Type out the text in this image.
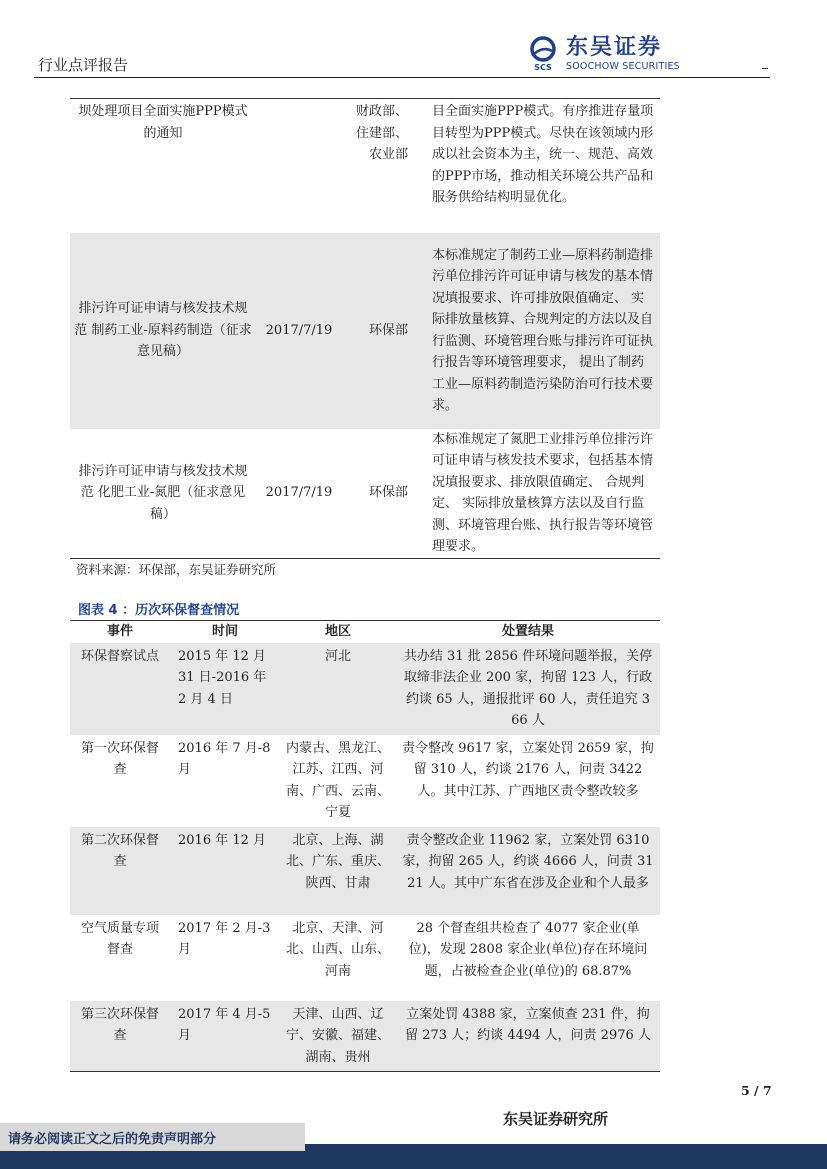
行业点评报告	SCS
东吴证券
SOOCHOW SECURITIES
坝处理项目全面实施PPP模式的通知		财政部、住建部、农业部	目全面实施PPP模式。有序推进存量项目转型为PPP模式。尽快在该领域内形成以社会资本为主，统一、规范、高效的PPP市场，推动相关环境公共产品和服务供给结构明显优化。
排污许可证申请与核发技术规范 制药工业-原料药制造（征求意见稿）	2017/7/19	环保部	本标准规定了制药工业—原料药制造排污单位排污许可证申请与核发的基本情况填报要求、许可排放限值确定、 实际排放量核算、合规判定的方法以及自行监测、环境管理台账与排污许可证执行报告等环境管理要求， 提出了制药工业—原料药制造污染防治可行技术要求。
排污许可证申请与核发技术规范 化肥工业-氮肥（征求意见稿）	2017/7/19	环保部	本标准规定了氮肥工业排污单位排污许可证申请与核发技术要求，包括基本情况填报要求、排放限值确定、 合规判定、 实际排放量核算方法以及自行监测、环境管理台账、执行报告等环境管理要求。
资料来源：环保部，东吴证券研究所
图表 4 ：历次环保督查情况
事件	时间	地区	处置结果
环保督察试点	2015 年 12 月 31 日-2016 年 2 月 4 日	河北	共办结 31 批 2856 件环境问题举报，关停取缔非法企业 200 家，拘留 123 人，行政约谈 65 人，通报批评 60 人，责任追究 366 人
第一次环保督查	2016 年 7 月-8 月	内蒙古、黑龙江、江苏、江西、河南、广西、云南、宁夏	责令整改 9617 家，立案处罚 2659 家，拘留 310 人，约谈 2176 人，问责 3422 人。其中江苏、广西地区责令整改较多
第二次环保督查	2016 年 12 月	北京、上海、湖北、广东、重庆、陕西、甘肃	责令整改企业 11962 家，立案处罚 6310 家，拘留 265 人，约谈 4666 人，问责 3121 人。其中广东省在涉及企业和个人最多
空气质量专项督查	2017 年 2 月-3 月	北京、天津、河北、山西、山东、河南	28 个督查组共检查了 4077 家企业(单位)，发现 2808 家企业(单位)存在环境问题，占被检查企业(单位)的 68.87%
第三次环保督查	2017 年 4 月-5 月	天津、山西、辽宁、安徽、福建、湖南、贵州	立案处罚 4388 家，立案侦查 231 件，拘留 273 人；约谈 4494 人，问责 2976 人
5 / 7
东吴证券研究所
请务必阅读正文之后的免责声明部分
